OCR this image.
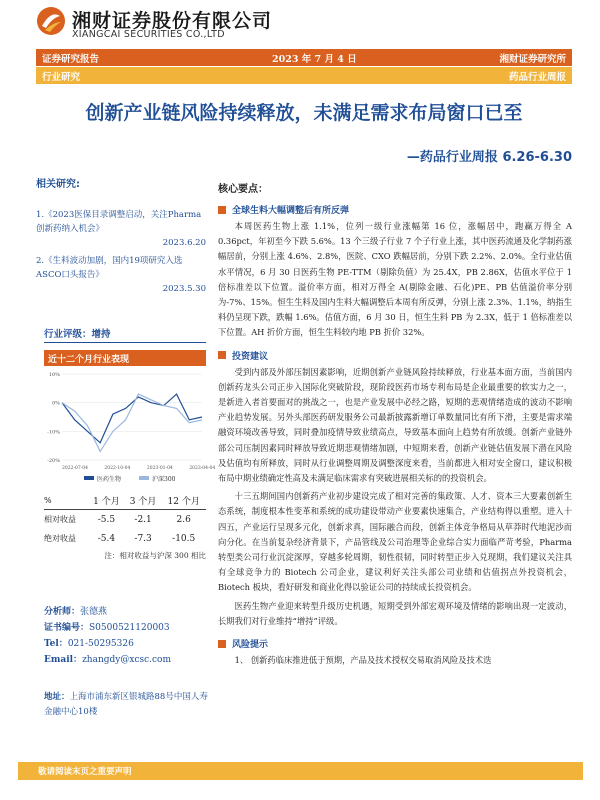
湘财证券股份有限公司
XIANGCAI SECURITIES CO.,LTD
证券研究报告	2023 年 7 月 4 日	湘财证券研究所
行业研究	药品行业周报
创新产业链风险持续释放，未满足需求布局窗口已至
—药品行业周报 6.26-6.30
相关研究:
1.《2023医保目录调整启动，关注Pharma创新药纳入机会》
2023.6.20
2.《生料波动加剧，国内19项研究入选ASCO口头报告》
2023.5.30
行业评级：增持
近十二个月行业表现
10%
0%
-10%
-20%
2022-07-04	2022-10-04	2023-01-04	2023-04-04
医药生物	沪深300
%	1 个月	3 个月	12 个月
相对收益	-5.5	-2.1	2.6
绝对收益	-5.4	-7.3	-10.5
注：相对收益与沪深 300 相比
分析师：张德燕
证书编号：S0500521120003
Tel：021-50295326
Email：zhangdy@xcsc.com
地址：上海市浦东新区银城路88号中国人寿金融中心10楼
核心要点：
全球生料大幅调整后有所反弹
本周医药生物上涨 1.1%，位列一级行业涨幅第 16 位，涨幅居中，跑赢万得全 A 0.36pct，年初至今下跌 5.6%。13 个三级子行业 7 个子行业上涨，其中医药流通及化学制药涨幅居前，分别上涨 4.6%、2.8%，医院、CXO 跌幅居前，分别下跌 2.2%、2.0%。全行业估值水平情况，6 月 30 日医药生物 PE-TTM（剔除负值）为 25.4X，PB 2.86X，估值水平位于 1 倍标准差以下位置。溢价率方面，相对万得全 A(剔除金融、石化)PE、PB 估值溢价率分别为-7%、15%。恒生生料及国内生料大幅调整后本周有所反弹，分别上涨 2.3%、1.1%，纳指生料仍呈现下跌，跌幅 1.6%。估值方面，6 月 30 日，恒生生料 PB 为 2.3X，低于 1 倍标准差以下位置。AH 折价方面，恒生生料较内地 PB 折价 32%。
投资建议
受到内部及外部压制因素影响，近期创新产业链风险持续释放，行业基本面方面，当前国内创新药龙头公司正步入国际化突破阶段，现阶段医药市场专利布局是企业最重要的软实力之一，是新进入者首要面对的挑战之一，也是产业发展中必经之路，短期的悲观情绪造成的波动不影响产业趋势发展。另外头部医药研发服务公司最新披露新增订单数量同比有所下滑，主要是需求端融资环境改善导致，同时叠加疫情导致业绩高点，导致基本面向上趋势有所放缓。创新产业链外部公司压制因素同时释放导致近期悲观情绪加剧，中短期来看，创新产业链估值发展下潜在风险及估值均有所释放，同时从行业调整周期及调整深度来看，当前都进入相对安全窗口，建议积极布局中期业绩确定性高及未满足临床需求有突破进展相关标的的投资机会。
十三五期间国内创新药产业初步建设完成了相对完善的集政策、人才、资本三大要素创新生态系统，制度根本性变革和系统的成功建设带动产业要素快速集合，产业结构得以重塑。进入十四五，产业运行呈现多元化，创新求真，国际融合而段，创新主体竞争格局从草莽时代地泥沙而向分化。在当前复杂经济背景下，产品管线及公司治理等企业综合实力面临严苛考验，Pharma 转型类公司行业沉淀深厚，穿越多轮周期，韧性很韧，同时转型正步入兑现期，我们建议关注具有全球竞争力的 Biotech 公司企业，建议利好关注头部公司业绩和估值拐点外投资机会，Biotech 板块，看好研发和商业化得以验证公司的持续成长投资机会。
医药生物产业迎来转型升级历史机遇，短期受到外部宏观环境及情绪的影响出现一定波动，长期我们对行业维持“增持”评级。
风险提示
1、 创新药临床推进低于预期，产品及技术授权交易取消风险及技术迭
敬请阅读末页之重要声明
